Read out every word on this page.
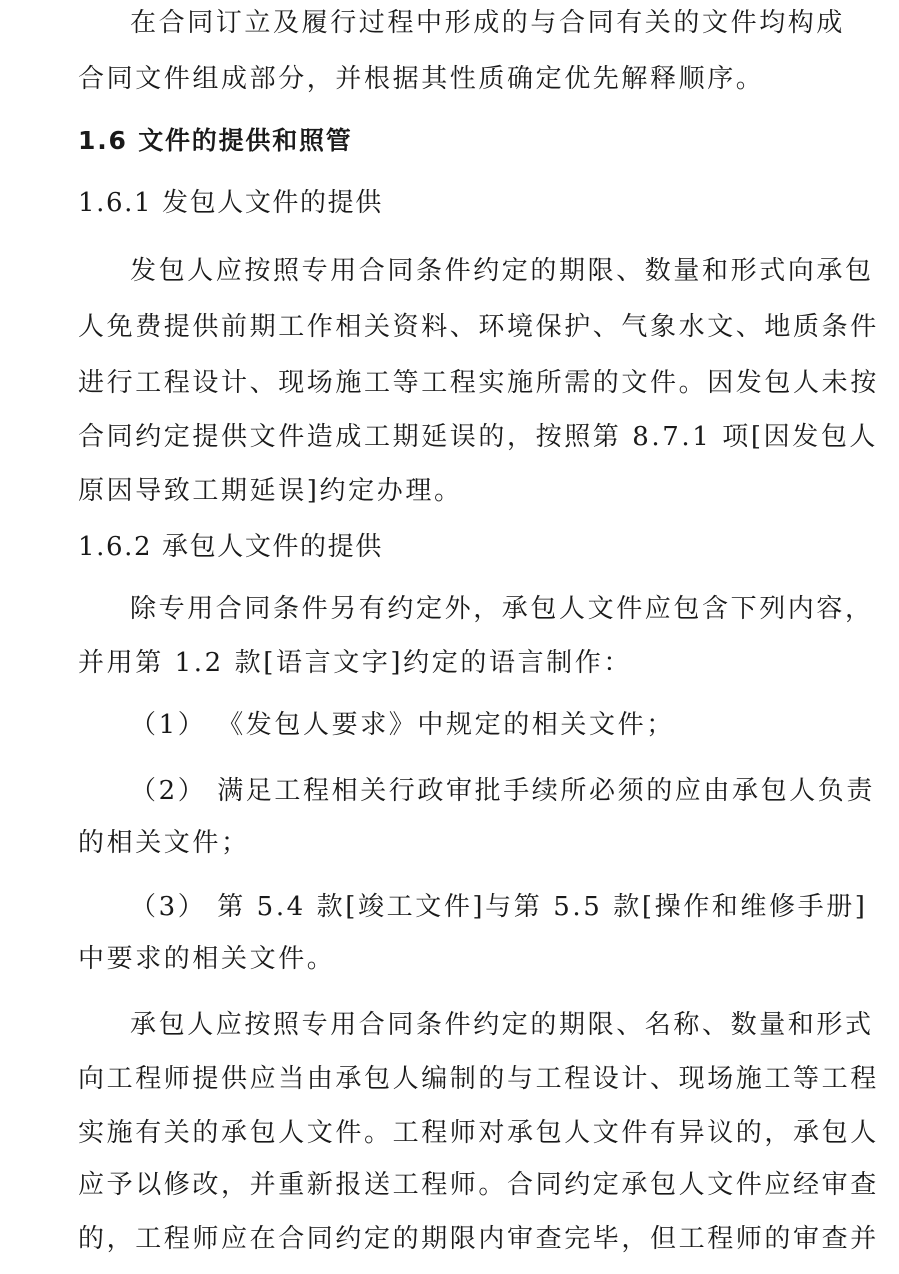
在合同订立及履行过程中形成的与合同有关的文件均构成
合同文件组成部分，并根据其性质确定优先解释顺序。
1.6 文件的提供和照管
1.6.1 发包人文件的提供
发包人应按照专用合同条件约定的期限、数量和形式向承包
人免费提供前期工作相关资料、环境保护、气象水文、地质条件
进行工程设计、现场施工等工程实施所需的文件。因发包人未按
合同约定提供文件造成工期延误的，按照第 8.7.1 项[因发包人
原因导致工期延误]约定办理。
1.6.2 承包人文件的提供
除专用合同条件另有约定外，承包人文件应包含下列内容，
并用第 1.2 款[语言文字]约定的语言制作：
（1） 《发包人要求》中规定的相关文件；
（2） 满足工程相关行政审批手续所必须的应由承包人负责
的相关文件；
（3） 第 5.4 款[竣工文件]与第 5.5 款[操作和维修手册]
中要求的相关文件。
承包人应按照专用合同条件约定的期限、名称、数量和形式
向工程师提供应当由承包人编制的与工程设计、现场施工等工程
实施有关的承包人文件。工程师对承包人文件有异议的，承包人
应予以修改，并重新报送工程师。合同约定承包人文件应经审查
的，工程师应在合同约定的期限内审查完毕，但工程师的审查并
